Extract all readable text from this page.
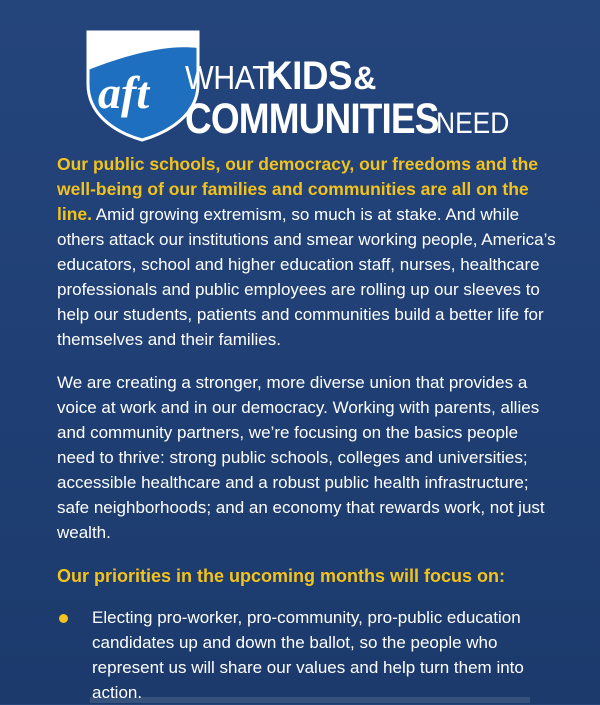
aft WHAT
KIDS &
COMMUNITIES
NEED

Our public schools, our democracy, our freedoms and the well-being of our families and communities are all on the line. Amid growing extremism, so much is at stake. And while others attack our institutions and smear working people, America’s educators, school and higher education staff, nurses, healthcare professionals and public employees are rolling up our sleeves to help our students, patients and communities build a better life for themselves and their families.

We are creating a stronger, more diverse union that provides a voice at work and in our democracy. Working with parents, allies and community partners, we’re focusing on the basics people need to thrive: strong public schools, colleges and universities; accessible healthcare and a robust public health infrastructure; safe neighborhoods; and an economy that rewards work, not just wealth.

Our priorities in the upcoming months will focus on:
Electing pro-worker, pro-community, pro-public education candidates up and down the ballot, so the people who represent us will share our values and help turn them into action.
